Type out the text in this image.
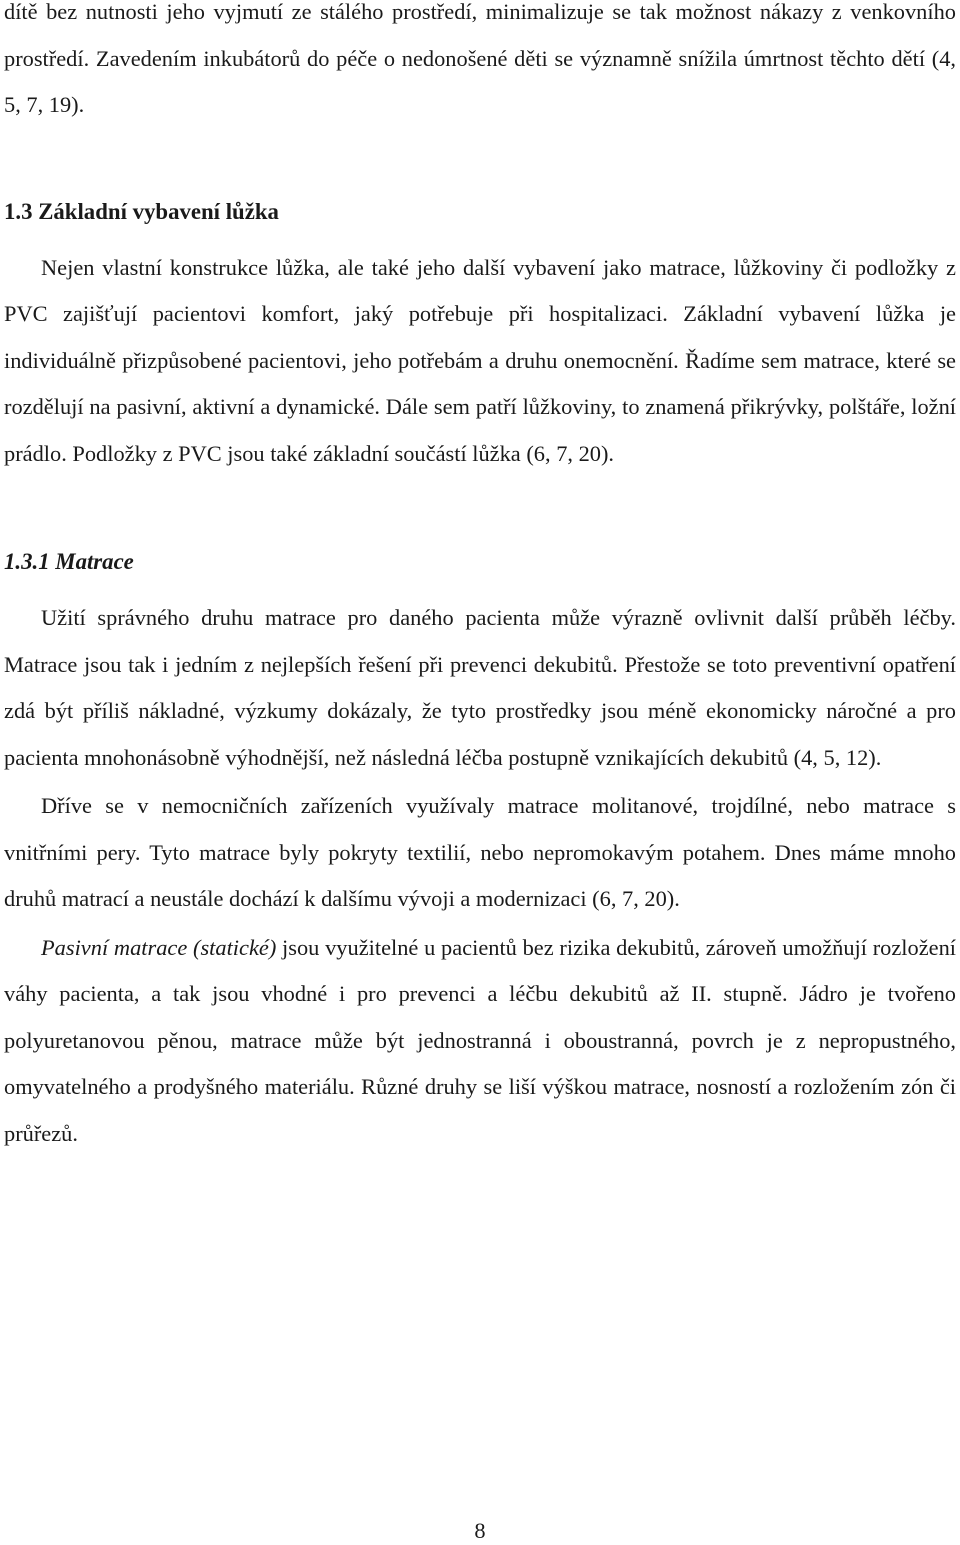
dítě bez nutnosti jeho vyjmutí ze stálého prostředí, minimalizuje se tak možnost nákazy z venkovního prostředí. Zavedením inkubátorů do péče o nedonošené děti se významně snížila úmrtnost těchto dětí (4, 5, 7, 19).

1.3 Základní vybavení lůžka

Nejen vlastní konstrukce lůžka, ale také jeho další vybavení jako matrace, lůžkoviny či podložky z PVC zajišťují pacientovi komfort, jaký potřebuje při hospitalizaci. Základní vybavení lůžka je individuálně přizpůsobené pacientovi, jeho potřebám a druhu onemocnění. Řadíme sem matrace, které se rozdělují na pasivní, aktivní a dynamické. Dále sem patří lůžkoviny, to znamená přikrývky, polštáře, ložní prádlo. Podložky z PVC jsou také základní součástí lůžka (6, 7, 20).

1.3.1 Matrace

Užití správného druhu matrace pro daného pacienta může výrazně ovlivnit další průběh léčby. Matrace jsou tak i jedním z nejlepších řešení při prevenci dekubitů. Přestože se toto preventivní opatření zdá být příliš nákladné, výzkumy dokázaly, že tyto prostředky jsou méně ekonomicky náročné a pro pacienta mnohonásobně výhodnější, než následná léčba postupně vznikajících dekubitů (4, 5, 12).

Dříve se v nemocničních zařízeních využívaly matrace molitanové, trojdílné, nebo matrace s vnitřními pery. Tyto matrace byly pokryty textilií, nebo nepromokavým potahem. Dnes máme mnoho druhů matrací a neustále dochází k dalšímu vývoji a modernizaci (6, 7, 20).

Pasivní matrace (statické) jsou využitelné u pacientů bez rizika dekubitů, zároveň umožňují rozložení váhy pacienta, a tak jsou vhodné i pro prevenci a léčbu dekubitů až II. stupně. Jádro je tvořeno polyuretanovou pěnou, matrace může být jednostranná i oboustranná, povrch je z nepropustného, omyvatelného a prodyšného materiálu. Různé druhy se liší výškou matrace, nosností a rozložením zón či průřezů.

8
